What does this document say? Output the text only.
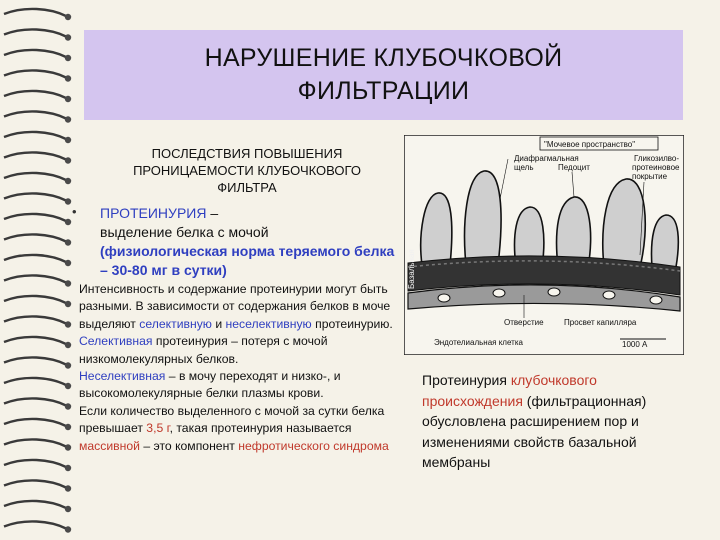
НАРУШЕНИЕ КЛУБОЧКОВОЙ
ФИЛЬТРАЦИИ
ПОСЛЕДСТВИЯ ПОВЫШЕНИЯ
ПРОНИЦАЕМОСТИ КЛУБОЧКОВОГО
ФИЛЬТРА
• ПРОТЕИНУРИЯ –
выделение белка с мочой
(физиологическая норма теряемого белка – 30-80 мг в сутки)

Интенсивность и содержание протеинурии могут быть разными. В зависимости от содержания белков в моче выделяют селективную и неселективную протеинурию.

Селективная протеинурия – потеря с мочой низкомолекулярных белков.

Неселективная – в мочу переходят и низко-, и высокомолекулярные белки плазмы крови.

Если количество выделенного с мочой за сутки белка превышает 3,5 г, такая протеинурия называется массивной – это компонент нефротического синдрома

"Мочевое пространство"
Диафрагмальная
щель	Педоцит
Гликозилво-
протеиновое
покрытие
Базальная
Отверстие	Просвет капилляра
Эндотелиальная клетка	1000 А
Протеинурия клубочкового происхождения (фильтрационная) обусловлена расширением пор и изменениями свойств базальной мембраны
